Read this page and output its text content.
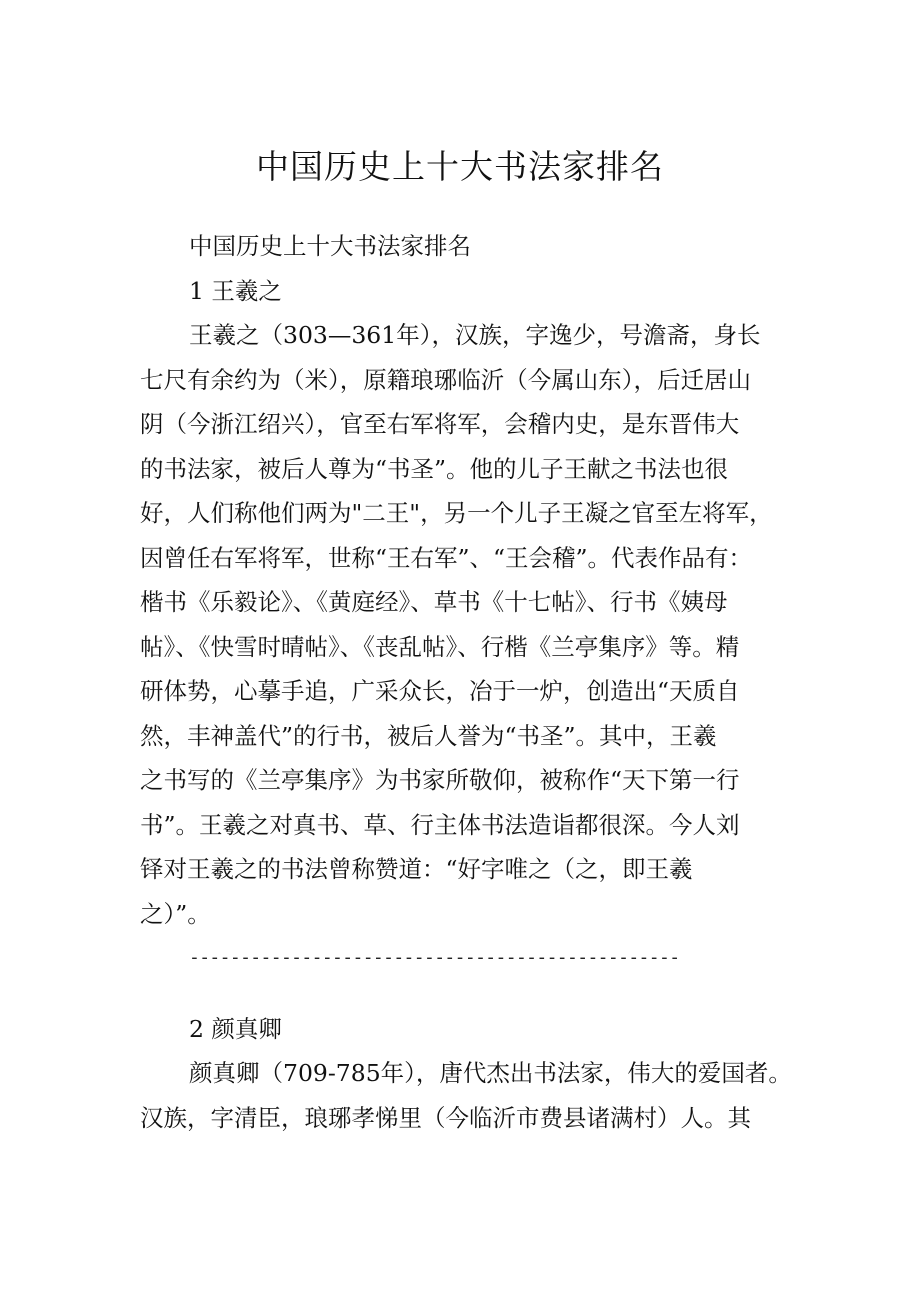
中国历史上十大书法家排名
中国历史上十大书法家排名
1 王羲之
王羲之（303—361年），汉族，字逸少，号澹斋，身长
七尺有余约为（米），原籍琅琊临沂（今属山东），后迁居山
阴（今浙江绍兴），官至右军将军，会稽内史，是东晋伟大
的书法家，被后人尊为“书圣”。他的儿子王献之书法也很
好，人们称他们两为"二王"，另一个儿子王凝之官至左将军，
因曾任右军将军，世称“王右军”、“王会稽”。代表作品有：
楷书《乐毅论》、《黄庭经》、草书《十七帖》、行书《姨母
帖》、《快雪时晴帖》、《丧乱帖》、行楷《兰亭集序》等。精
研体势，心摹手追，广采众长，冶于一炉，创造出“天质自
然，丰神盖代”的行书，被后人誉为“书圣”。其中，王羲
之书写的《兰亭集序》为书家所敬仰，被称作“天下第一行
书”。王羲之对真书、草、行主体书法造诣都很深。今人刘
铎对王羲之的书法曾称赞道：“好字唯之（之，即王羲
之）”。
------------------------------------------------
2 颜真卿
颜真卿（709-785年），唐代杰出书法家，伟大的爱国者。
汉族，字清臣，琅琊孝悌里（今临沂市费县诸满村）人。其
